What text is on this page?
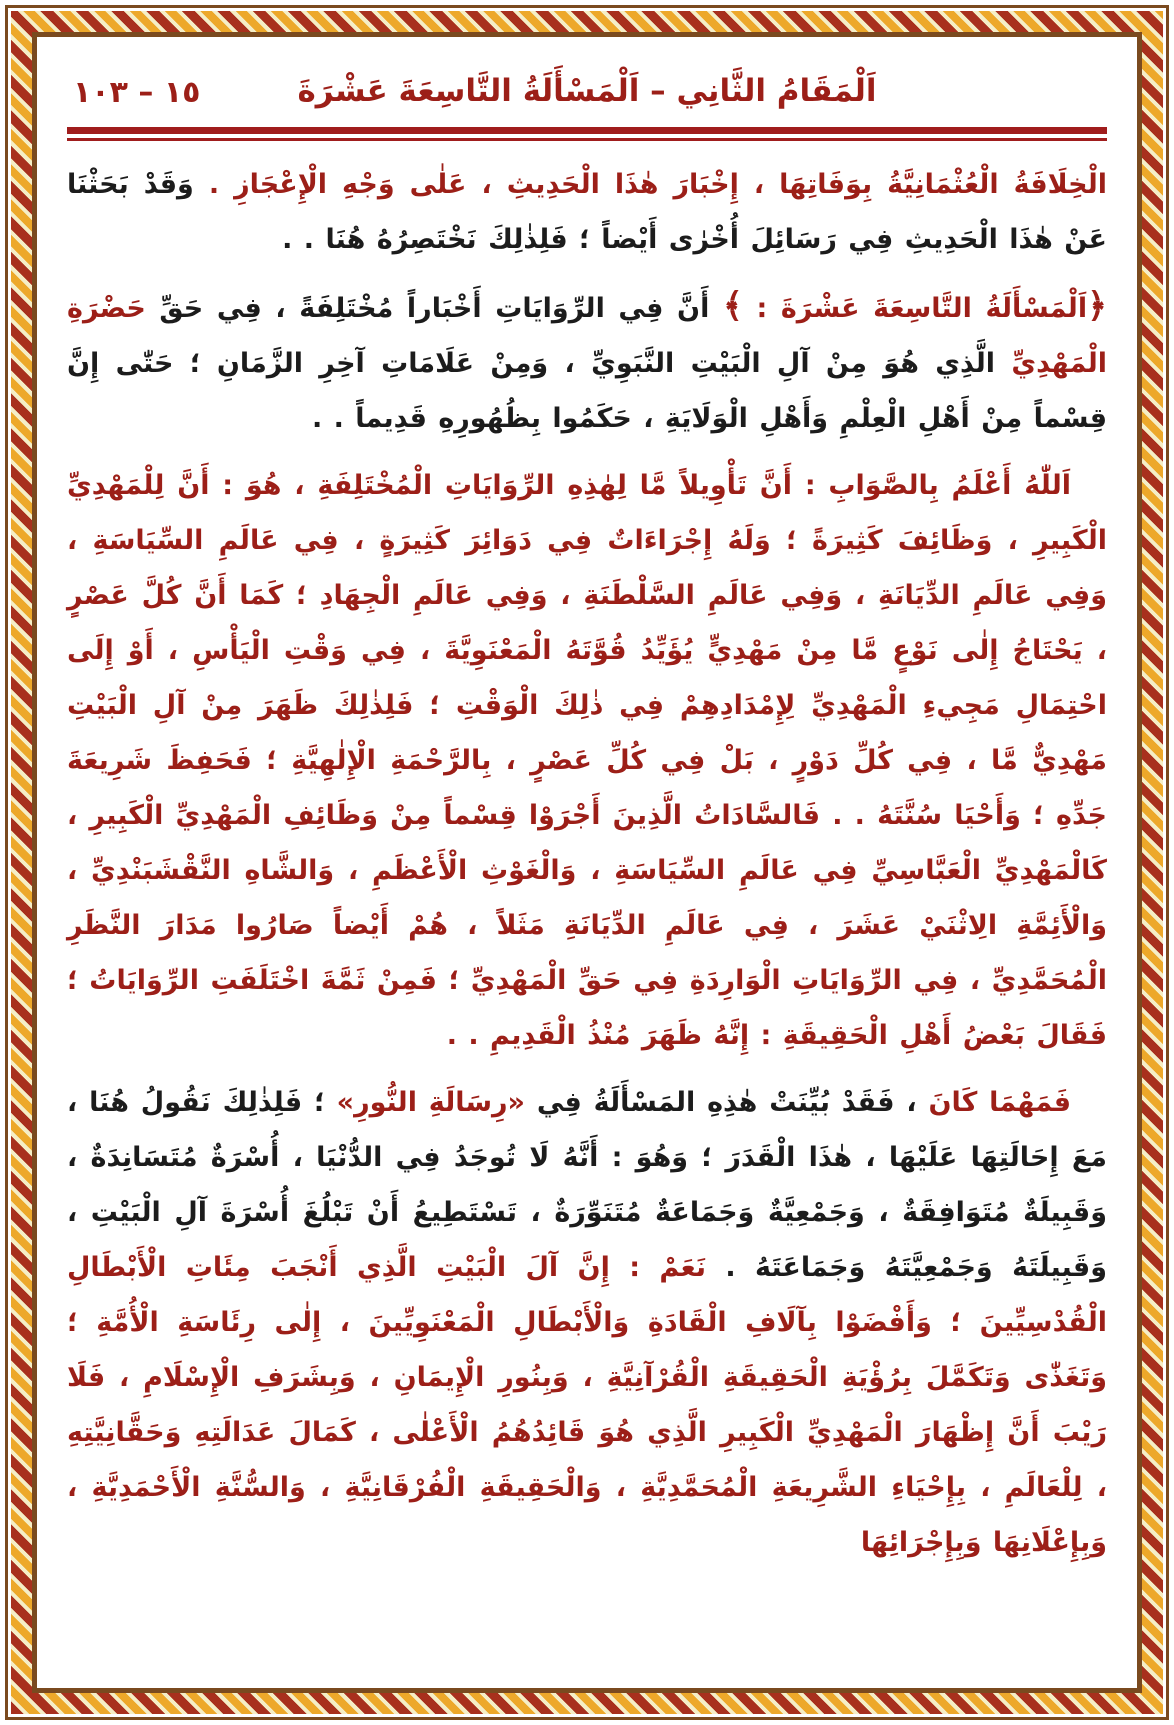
١٥ – ١٠٣	اَلْمَقَامُ الثَّانِي – اَلْمَسْأَلَةُ التَّاسِعَةَ عَشْرَةَ

الْخِلَافَةُ الْعُثْمَانِيَّةُ بِوَفَاتِهَا ، إِخْبَارَ هٰذَا الْحَدِيثِ ، عَلٰى وَجْهِ الْإِعْجَازِ . وَقَدْ بَحَثْنَا عَنْ هٰذَا الْحَدِيثِ فِي رَسَائِلَ أُخْرٰى أَيْضاً ؛ فَلِذٰلِكَ نَخْتَصِرُهُ هُنَا . .

﴿اَلْمَسْأَلَةُ التَّاسِعَةَ عَشْرَةَ : ﴾ أَنَّ فِي الرِّوَايَاتِ أَخْبَاراً مُخْتَلِفَةً ، فِي حَقِّ حَضْرَةِ الْمَهْدِيِّ الَّذِي هُوَ مِنْ آلِ الْبَيْتِ النَّبَوِيِّ ، وَمِنْ عَلَامَاتِ آخِرِ الزَّمَانِ ؛ حَتّٰى إِنَّ قِسْماً مِنْ أَهْلِ الْعِلْمِ وَأَهْلِ الْوَلَايَةِ ، حَكَمُوا بِظُهُورِهِ قَدِيماً . .

اَللّٰهُ أَعْلَمُ بِالصَّوَابِ : أَنَّ تَأْوِيلاً مَّا لِهٰذِهِ الرِّوَايَاتِ الْمُخْتَلِفَةِ ، هُوَ : أَنَّ لِلْمَهْدِيِّ الْكَبِيرِ ، وَظَائِفَ كَثِيرَةً ؛ وَلَهُ إِجْرَاءَاتٌ فِي دَوَائِرَ كَثِيرَةٍ ، فِي عَالَمِ السِّيَاسَةِ ، وَفِي عَالَمِ الدِّيَانَةِ ، وَفِي عَالَمِ السَّلْطَنَةِ ، وَفِي عَالَمِ الْجِهَادِ ؛ كَمَا أَنَّ كُلَّ عَصْرٍ ، يَحْتَاجُ إِلٰى نَوْعٍ مَّا مِنْ مَهْدِيٍّ يُؤَيِّدُ قُوَّتَهُ الْمَعْنَوِيَّةَ ، فِي وَقْتِ الْيَأْسِ ، أَوْ إِلَى احْتِمَالِ مَجِيءِ الْمَهْدِيِّ لِإِمْدَادِهِمْ فِي ذٰلِكَ الْوَقْتِ ؛ فَلِذٰلِكَ ظَهَرَ مِنْ آلِ الْبَيْتِ مَهْدِيٌّ مَّا ، فِي كُلِّ دَوْرٍ ، بَلْ فِي كُلِّ عَصْرٍ ، بِالرَّحْمَةِ الْإِلٰهِيَّةِ ؛ فَحَفِظَ شَرِيعَةَ جَدِّهِ ؛ وَأَحْيَا سُنَّتَهُ . . فَالسَّادَاتُ الَّذِينَ أَجْرَوْا قِسْماً مِنْ وَظَائِفِ الْمَهْدِيِّ الْكَبِيرِ ، كَالْمَهْدِيِّ الْعَبَّاسِيِّ فِي عَالَمِ السِّيَاسَةِ ، وَالْغَوْثِ الْأَعْظَمِ ، وَالشَّاهِ النَّقْشَبَنْدِيِّ ، وَالْأَئِمَّةِ الِاثْنَيْ عَشَرَ ، فِي عَالَمِ الدِّيَانَةِ مَثَلاً ، هُمْ أَيْضاً صَارُوا مَدَارَ النَّظَرِ الْمُحَمَّدِيِّ ، فِي الرِّوَايَاتِ الْوَارِدَةِ فِي حَقِّ الْمَهْدِيِّ ؛ فَمِنْ ثَمَّةَ اخْتَلَفَتِ الرِّوَايَاتُ ؛ فَقَالَ بَعْضُ أَهْلِ الْحَقِيقَةِ : إِنَّهُ ظَهَرَ مُنْذُ الْقَدِيمِ . .

فَمَهْمَا كَانَ ، فَقَدْ بُيِّنَتْ هٰذِهِ المَسْأَلَةُ فِي «رِسَالَةِ النُّورِ» ؛ فَلِذٰلِكَ نَقُولُ هُنَا ، مَعَ إِحَالَتِهَا عَلَيْهَا ، هٰذَا الْقَدَرَ ؛ وَهُوَ : أَنَّهُ لَا تُوجَدُ فِي الدُّنْيَا ، أُسْرَةٌ مُتَسَانِدَةٌ ، وَقَبِيلَةٌ مُتَوَافِقَةٌ ، وَجَمْعِيَّةٌ وَجَمَاعَةٌ مُتَنَوِّرَةٌ ، تَسْتَطِيعُ أَنْ تَبْلُغَ أُسْرَةَ آلِ الْبَيْتِ ، وَقَبِيلَتَهُ وَجَمْعِيَّتَهُ وَجَمَاعَتَهُ . نَعَمْ : إِنَّ آلَ الْبَيْتِ الَّذِي أَنْجَبَ مِئَاتِ الْأَبْطَالِ الْقُدْسِيِّينَ ؛ وَأَفْضَوْا بِآلَافِ الْقَادَةِ وَالْأَبْطَالِ الْمَعْنَوِيِّينَ ، إِلٰى رِئَاسَةِ الْأُمَّةِ ؛ وَتَغَذّٰى وَتَكَمَّلَ بِرُؤْيَةِ الْحَقِيقَةِ الْقُرْآنِيَّةِ ، وَبِنُورِ الْإِيمَانِ ، وَبِشَرَفِ الْإِسْلَامِ ، فَلَا رَيْبَ أَنَّ إِظْهَارَ الْمَهْدِيِّ الْكَبِيرِ الَّذِي هُوَ قَائِدُهُمُ الْأَعْلٰى ، كَمَالَ عَدَالَتِهِ وَحَقَّانِيَّتِهِ ، لِلْعَالَمِ ، بِإِحْيَاءِ الشَّرِيعَةِ الْمُحَمَّدِيَّةِ ، وَالْحَقِيقَةِ الْفُرْقَانِيَّةِ ، وَالسُّنَّةِ الْأَحْمَدِيَّةِ ، وَبِإِعْلَانِهَا وَبِإِجْرَائِهَا
